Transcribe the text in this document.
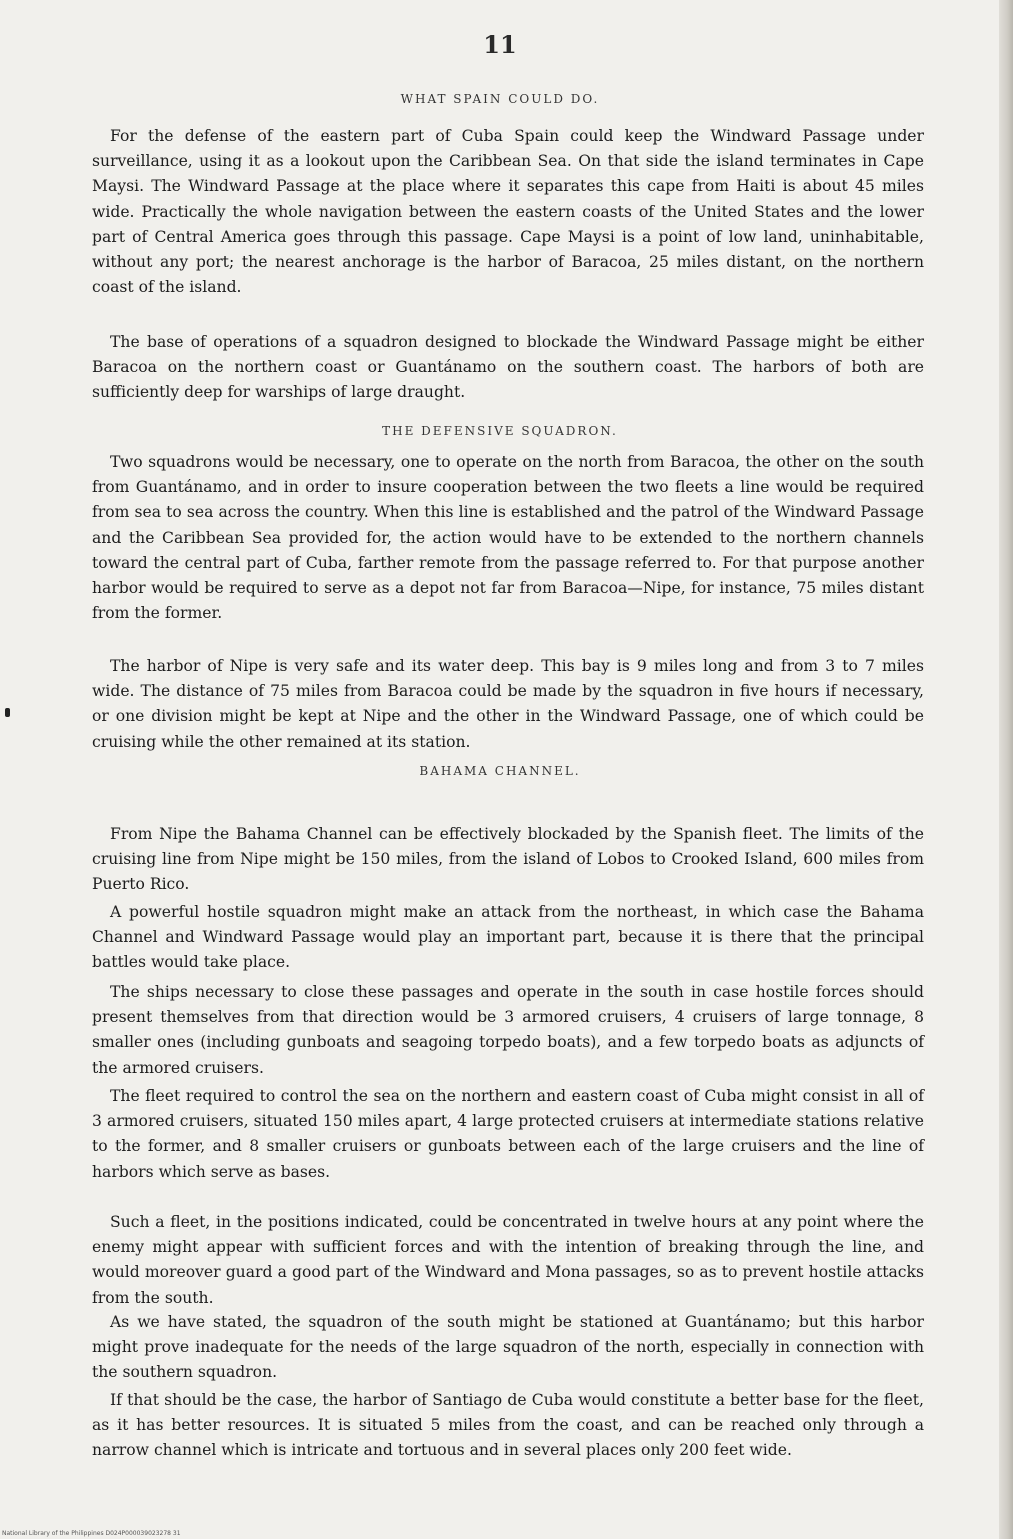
11
WHAT SPAIN COULD DO.

For the defense of the eastern part of Cuba Spain could keep the Windward Passage under surveillance, using it as a lookout upon the Caribbean Sea. On that side the island terminates in Cape Maysi. The Windward Passage at the place where it separates this cape from Haiti is about 45 miles wide. Practically the whole navigation between the eastern coasts of the United States and the lower part of Central America goes through this passage. Cape Maysi is a point of low land, uninhabitable, without any port; the nearest anchorage is the harbor of Baracoa, 25 miles distant, on the northern coast of the island.

The base of operations of a squadron designed to blockade the Windward Passage might be either Baracoa on the northern coast or Guantánamo on the southern coast. The harbors of both are sufficiently deep for warships of large draught.

THE DEFENSIVE SQUADRON.

Two squadrons would be necessary, one to operate on the north from Baracoa, the other on the south from Guantánamo, and in order to insure cooperation between the two fleets a line would be required from sea to sea across the country. When this line is established and the patrol of the Windward Passage and the Caribbean Sea provided for, the action would have to be extended to the northern channels toward the central part of Cuba, farther remote from the passage referred to. For that purpose another harbor would be required to serve as a depot not far from Baracoa—Nipe, for instance, 75 miles distant from the former.

The harbor of Nipe is very safe and its water deep. This bay is 9 miles long and from 3 to 7 miles wide. The distance of 75 miles from Baracoa could be made by the squadron in five hours if necessary, or one division might be kept at Nipe and the other in the Windward Passage, one of which could be cruising while the other remained at its station.

BAHAMA CHANNEL.

From Nipe the Bahama Channel can be effectively blockaded by the Spanish fleet. The limits of the cruising line from Nipe might be 150 miles, from the island of Lobos to Crooked Island, 600 miles from Puerto Rico.

A powerful hostile squadron might make an attack from the northeast, in which case the Bahama Channel and Windward Passage would play an important part, because it is there that the principal battles would take place.

The ships necessary to close these passages and operate in the south in case hostile forces should present themselves from that direction would be 3 armored cruisers, 4 cruisers of large tonnage, 8 smaller ones (including gunboats and seagoing torpedo boats), and a few torpedo boats as adjuncts of the armored cruisers.

The fleet required to control the sea on the northern and eastern coast of Cuba might consist in all of 3 armored cruisers, situated 150 miles apart, 4 large protected cruisers at intermediate stations relative to the former, and 8 smaller cruisers or gunboats between each of the large cruisers and the line of harbors which serve as bases.

Such a fleet, in the positions indicated, could be concentrated in twelve hours at any point where the enemy might appear with sufficient forces and with the intention of breaking through the line, and would moreover guard a good part of the Windward and Mona passages, so as to prevent hostile attacks from the south.

As we have stated, the squadron of the south might be stationed at Guantánamo; but this harbor might prove inadequate for the needs of the large squadron of the north, especially in connection with the southern squadron.

If that should be the case, the harbor of Santiago de Cuba would constitute a better base for the fleet, as it has better resources. It is situated 5 miles from the coast, and can be reached only through a narrow channel which is intricate and tortuous and in several places only 200 feet wide.

National Library of the Philippines D024P000039023278 31
